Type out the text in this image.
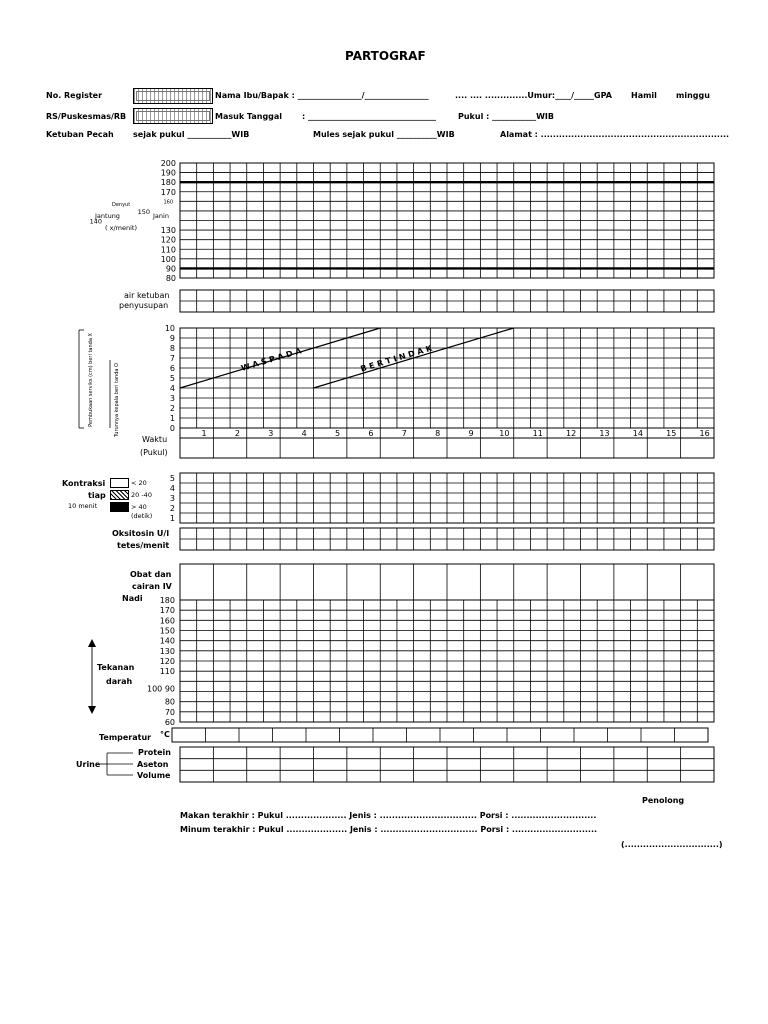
PARTOGRAF
No. Register	Nama Ibu/Bapak : ________________/________________	.... .... ..............Umur:____/_____GPA Hamil minggu
RS/Puskesmas/RB	Masuk Tanggal : ________________________________	Pukul : ___________WIB
Ketuban Pecah sejak pukul ___________WIB	Mules sejak pukul __________WIB	Alamat : ..............................................................
200
190
180
170
160
150
140
130
120
110
100
90
80
10
9
8
7
6
5
4
3
2
1
0
1	2	3	4	5	6	7	8	9	10	11	12	13	14	15	16
W A S P A D A	B E R T I N D A K
Pembukaan serviks (cm) beri tanda X	Turunnya kepala beri tanda O
5
4
3
2
1
180
170
160
150
140
130
120
110
100 90
80
70
60
Denyut
Jantung	Janin
( x/menit)
air ketuban
penyusupan
Waktu
(Pukul)
Kontraksi
tiap
10 menit
< 20
20 -40
> 40
(detik)
Oksitosin U/l
tetes/menit
Obat dan
cairan IV
Nadi
Tekanan
darah
Temperatur °C
Urine
Protein
Aseton
Volume
Penolong
Makan terakhir : Pukul .................... Jenis : ................................ Porsi : ............................
Minum terakhir : Pukul .................... Jenis : ................................ Porsi : ............................
(...............................)
